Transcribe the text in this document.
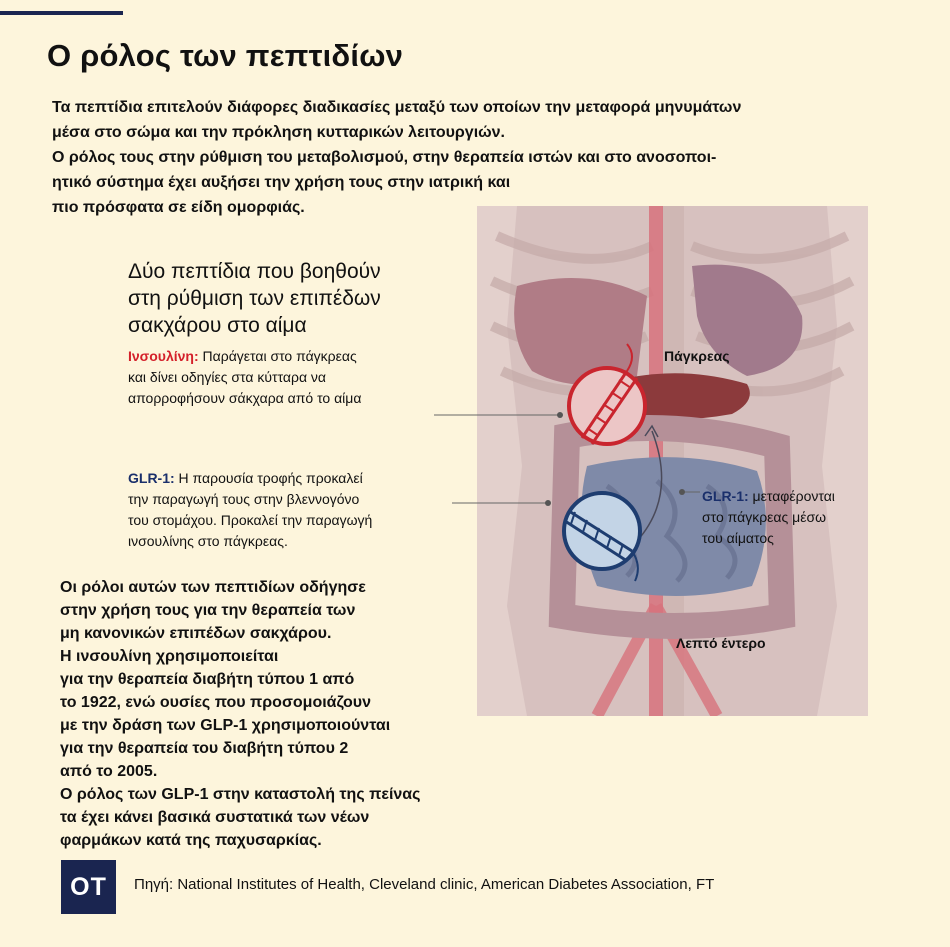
Ο ρόλος των πεπτιδίων

Τα πεπτίδια επιτελούν διάφορες διαδικασίες μεταξύ των οποίων την μεταφορά μηνυμάτων
μέσα στο σώμα και την πρόκληση κυτταρικών λειτουργιών.
Ο ρόλος τους στην ρύθμιση του μεταβολισμού, στην θεραπεία ιστών και στο ανοσοποι-
ητικό σύστημα έχει αυξήσει την χρήση τους στην ιατρική και
πιο πρόσφατα σε είδη ομορφιάς.

Δύο πεπτίδια που βοηθούν
στη ρύθμιση των επιπέδων
σακχάρου στο αίμα

Ινσουλίνη: Παράγεται στο πάγκρεας
και δίνει οδηγίες στα κύτταρα να
απορροφήσουν σάκχαρα από το αίμα

GLR-1: Η παρουσία τροφής προκαλεί
την παραγωγή τους στην βλεννογόνο
του στομάχου. Προκαλεί την παραγωγή
ινσουλίνης στο πάγκρεας.

Πάγκρεας
GLR-1: μεταφέρονται
στο πάγκρεας μέσω
του αίματος
Λεπτό έντερο

Οι ρόλοι αυτών των πεπτιδίων οδήγησε
στην χρήση τους για την θεραπεία των
μη κανονικών επιπέδων σακχάρου.
Η ινσουλίνη χρησιμοποιείται
για την θεραπεία διαβήτη τύπου 1 από
το 1922, ενώ ουσίες που προσομοιάζουν
με την δράση των GLP-1 χρησιμοποιούνται
για την θεραπεία του διαβήτη τύπου 2
από το 2005.
Ο ρόλος των GLP-1 στην καταστολή της πείνας
τα έχει κάνει βασικά συστατικά των νέων
φαρμάκων κατά της παχυσαρκίας.

OT	Πηγή: National Institutes of Health, Cleveland clinic, American Diabetes Association, FT
